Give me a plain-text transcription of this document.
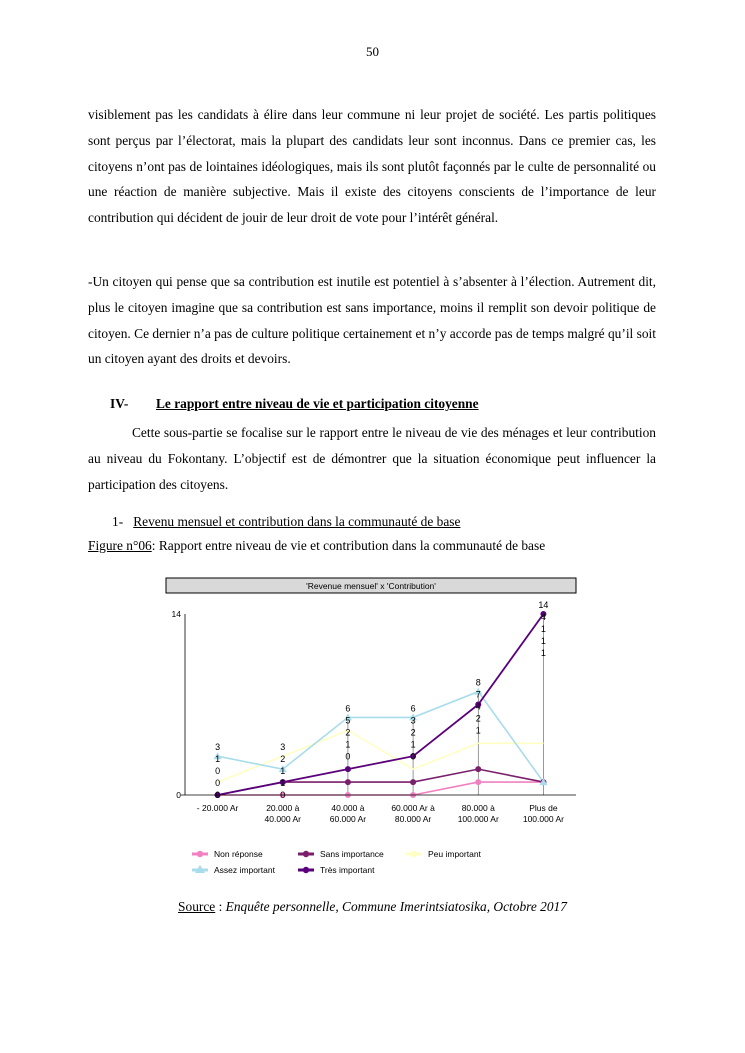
50

visiblement pas les candidats à élire dans leur commune ni leur projet de société. Les partis politiques sont perçus par l’électorat, mais la plupart des candidats leur sont inconnus. Dans ce premier cas, les citoyens n’ont pas de lointaines idéologiques, mais ils sont plutôt façonnés par le culte de personnalité ou une réaction de manière subjective. Mais il existe des citoyens conscients de l’importance de leur contribution qui décident de jouir de leur droit de vote pour l’intérêt général.

-Un citoyen qui pense que sa contribution est inutile est potentiel à s’absenter à l’élection. Autrement dit, plus le citoyen imagine que sa contribution est sans importance, moins il remplit son devoir politique de citoyen. Ce dernier n’a pas de culture politique certainement et n’y accorde pas de temps malgré qu’il soit un citoyen ayant des droits et devoirs.

IV- Le rapport entre niveau de vie et participation citoyenne

Cette sous-partie se focalise sur le rapport entre le niveau de vie des ménages et leur contribution au niveau du Fokontany. L’objectif est de démontrer que la situation économique peut influencer la participation des citoyens.

1- Revenu mensuel et contribution dans la communauté de base
Figure n°06: Rapport entre niveau de vie et contribution dans la communauté de base
'Revenue mensuel' x 'Contribution'
3
1
0
0
0
3
2
1
1
0
6
5
2
1
0
6
3
2
1
0
8
7
4
2
1
14
4
1
1
1
0
14
- 20.000 Ar	20.000 à 40.000 Ar
40.000 à 60.000 Ar
60.000 Ar à 80.000 Ar
80.000 à 100.000 Ar
Plus de 100.000 Ar
Non réponse	Sans importance	Peu important
Assez important	Très important
Source : Enquête personnelle, Commune Imerintsiatosika, Octobre 2017
